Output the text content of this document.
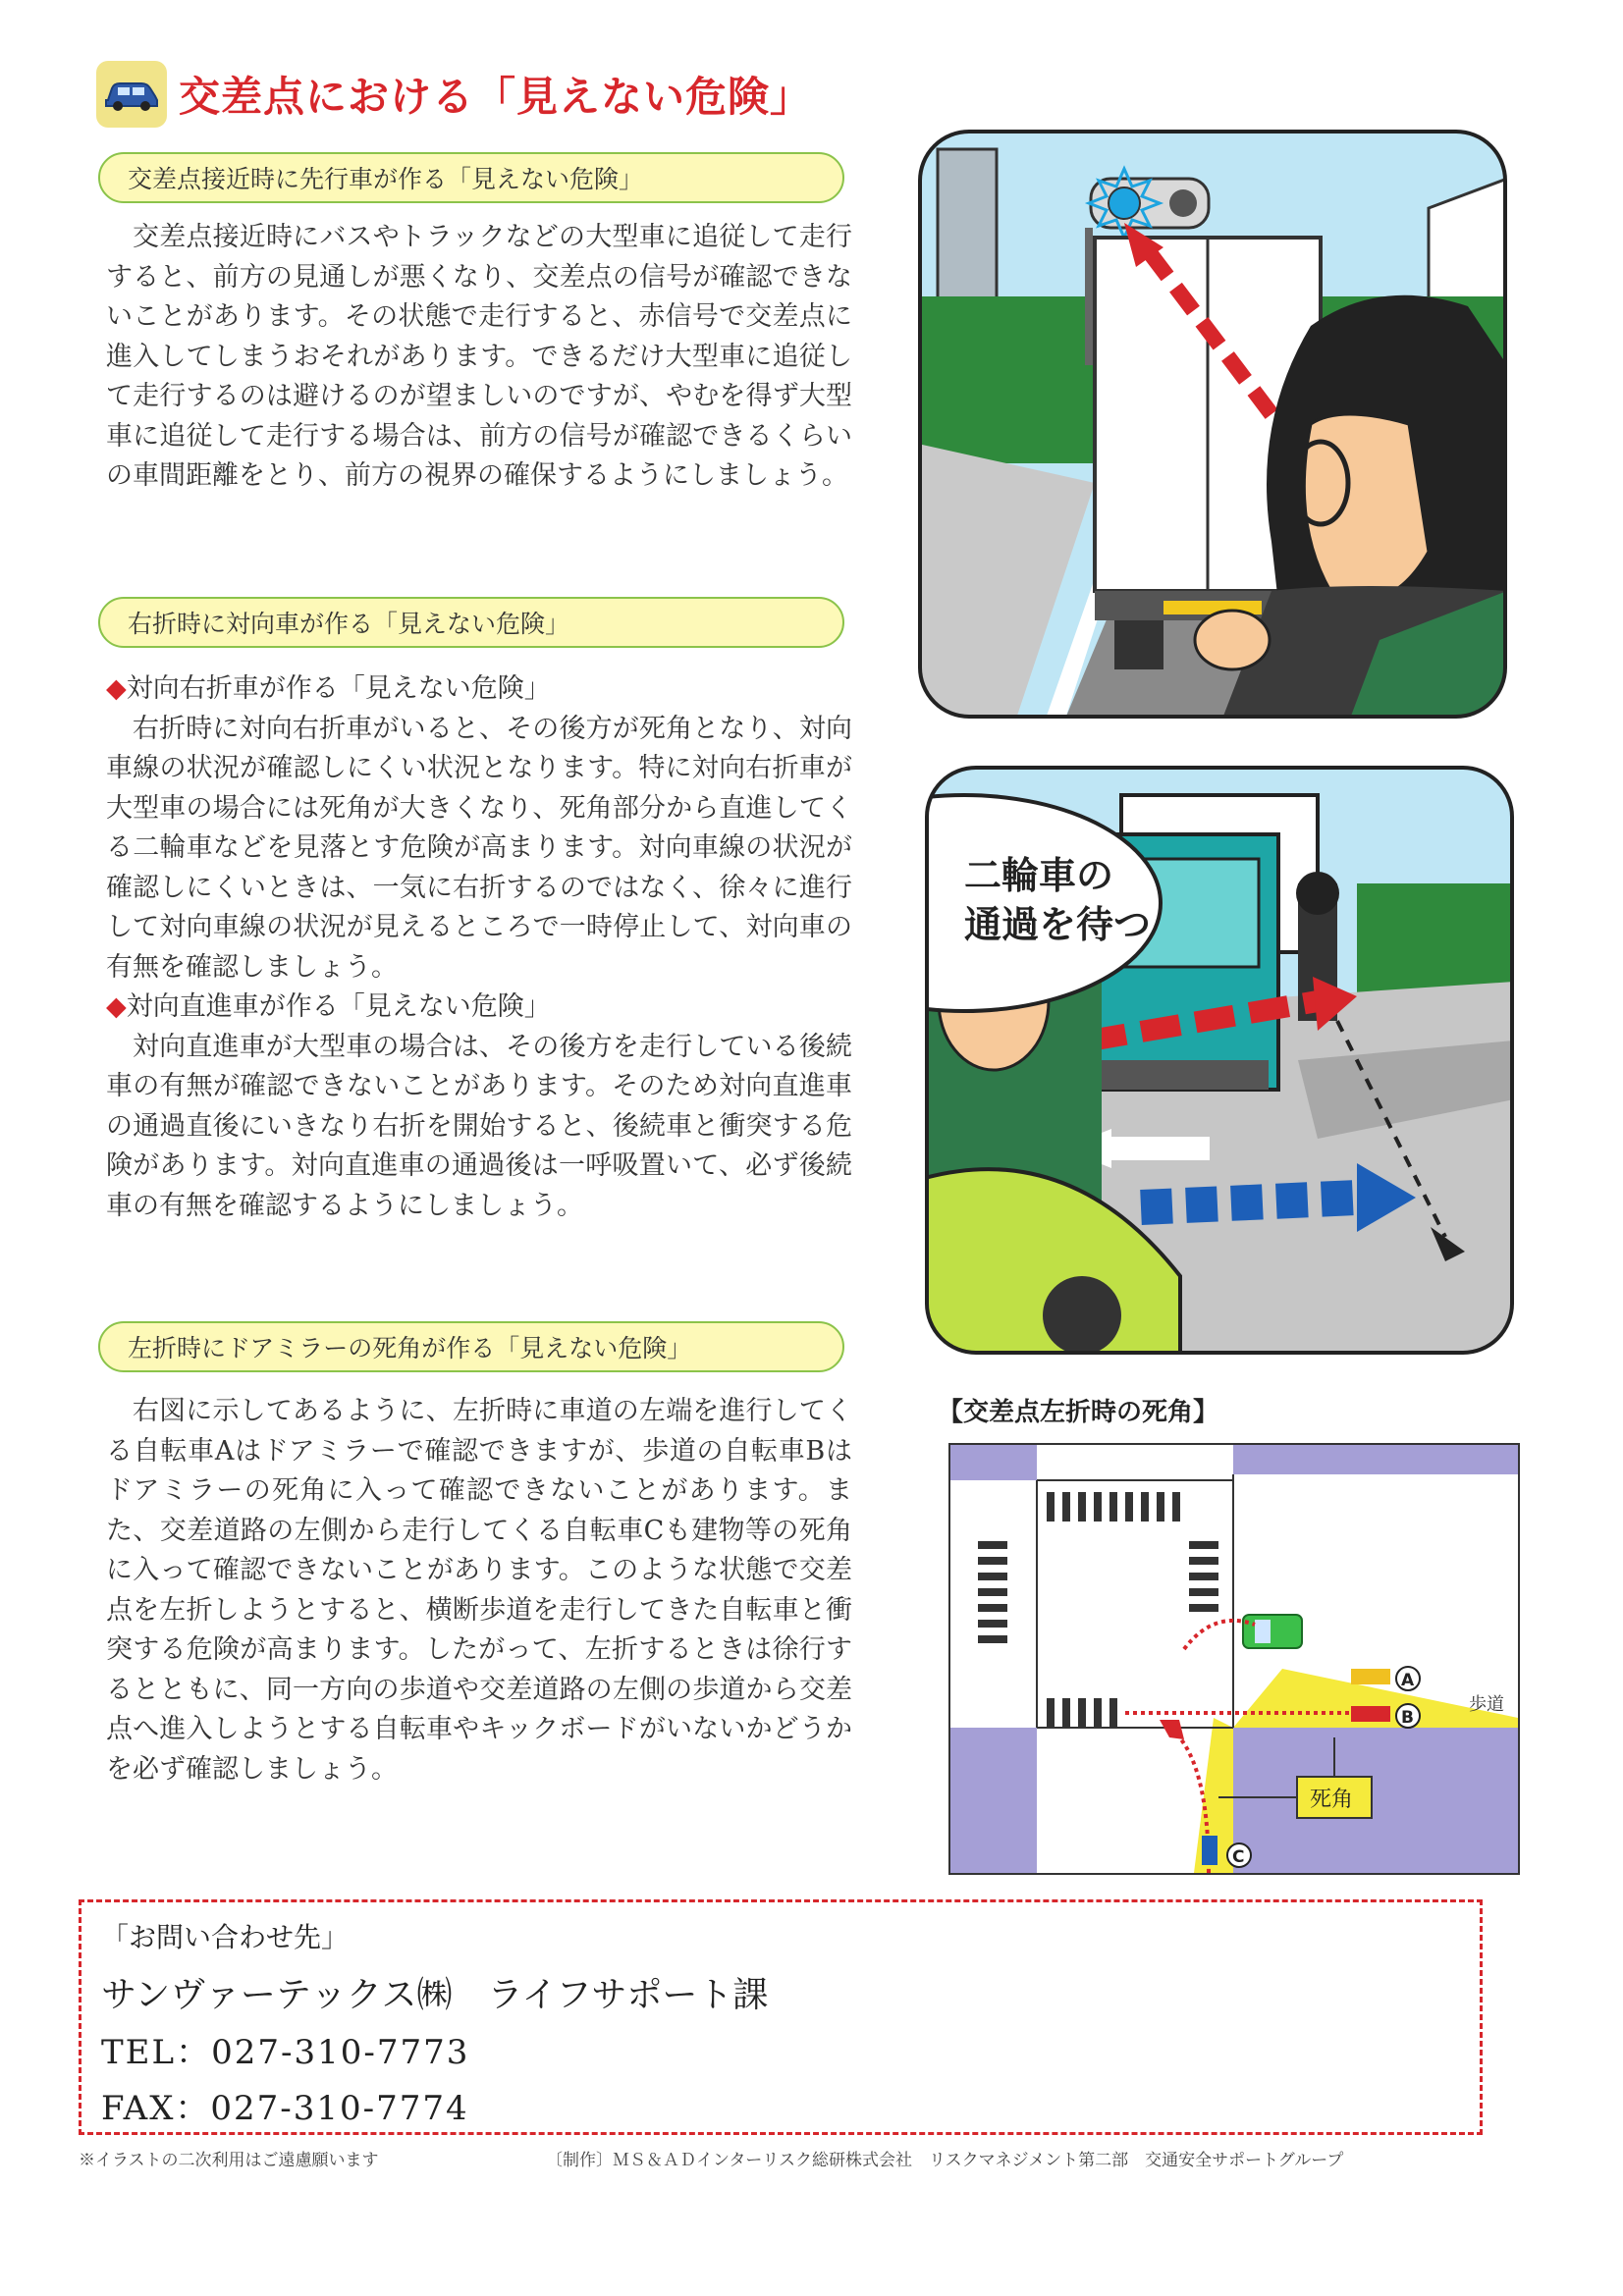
交差点における「見えない危険」
交差点接近時に先行車が作る「見えない危険」

交差点接近時にバスやトラックなどの大型車に追従して走行すると、前方の見通しが悪くなり、交差点の信号が確認できないことがあります。その状態で走行すると、赤信号で交差点に進入してしまうおそれがあります。できるだけ大型車に追従して走行するのは避けるのが望ましいのですが、やむを得ず大型車に追従して走行する場合は、前方の信号が確認できるくらいの車間距離をとり、前方の視界の確保するようにしましょう。

右折時に対向車が作る「見えない危険」
◆対向右折車が作る「見えない危険」

右折時に対向右折車がいると、その後方が死角となり、対向車線の状況が確認しにくい状況となります。特に対向右折車が大型車の場合には死角が大きくなり、死角部分から直進してくる二輪車などを見落とす危険が高まります。対向車線の状況が確認しにくいときは、一気に右折するのではなく、徐々に進行して対向車線の状況が見えるところで一時停止して、対向車の有無を確認しましょう。

◆対向直進車が作る「見えない危険」

対向直進車が大型車の場合は、その後方を走行している後続車の有無が確認できないことがあります。そのため対向直進車の通過直後にいきなり右折を開始すると、後続車と衝突する危険があります。対向直進車の通過後は一呼吸置いて、必ず後続車の有無を確認するようにしましょう。

左折時にドアミラーの死角が作る「見えない危険」

右図に示してあるように、左折時に車道の左端を進行してくる自転車Aはドアミラーで確認できますが、歩道の自転車Bはドアミラーの死角に入って確認できないことがあります。また、交差道路の左側から走行してくる自転車Cも建物等の死角に入って確認できないことがあります。このような状態で交差点を左折しようとすると、横断歩道を走行してきた自転車と衝突する危険が高まります。したがって、左折するときは徐行するとともに、同一方向の歩道や交差道路の左側の歩道から交差点へ進入しようとする自転車やキックボードがいないかどうかを必ず確認しましょう。

二輪車の
通過を待つ
【交差点左折時の死角】
A
B
C
歩道
死角
「お問い合わせ先」
サンヴァーテックス㈱　ライフサポート課
TEL：027-310-7773
FAX：027-310-7774
※イラストの二次利用はご遠慮願います	〔制作〕ＭＳ＆ＡＤインターリスク総研株式会社　リスクマネジメント第二部　交通安全サポートグループ
